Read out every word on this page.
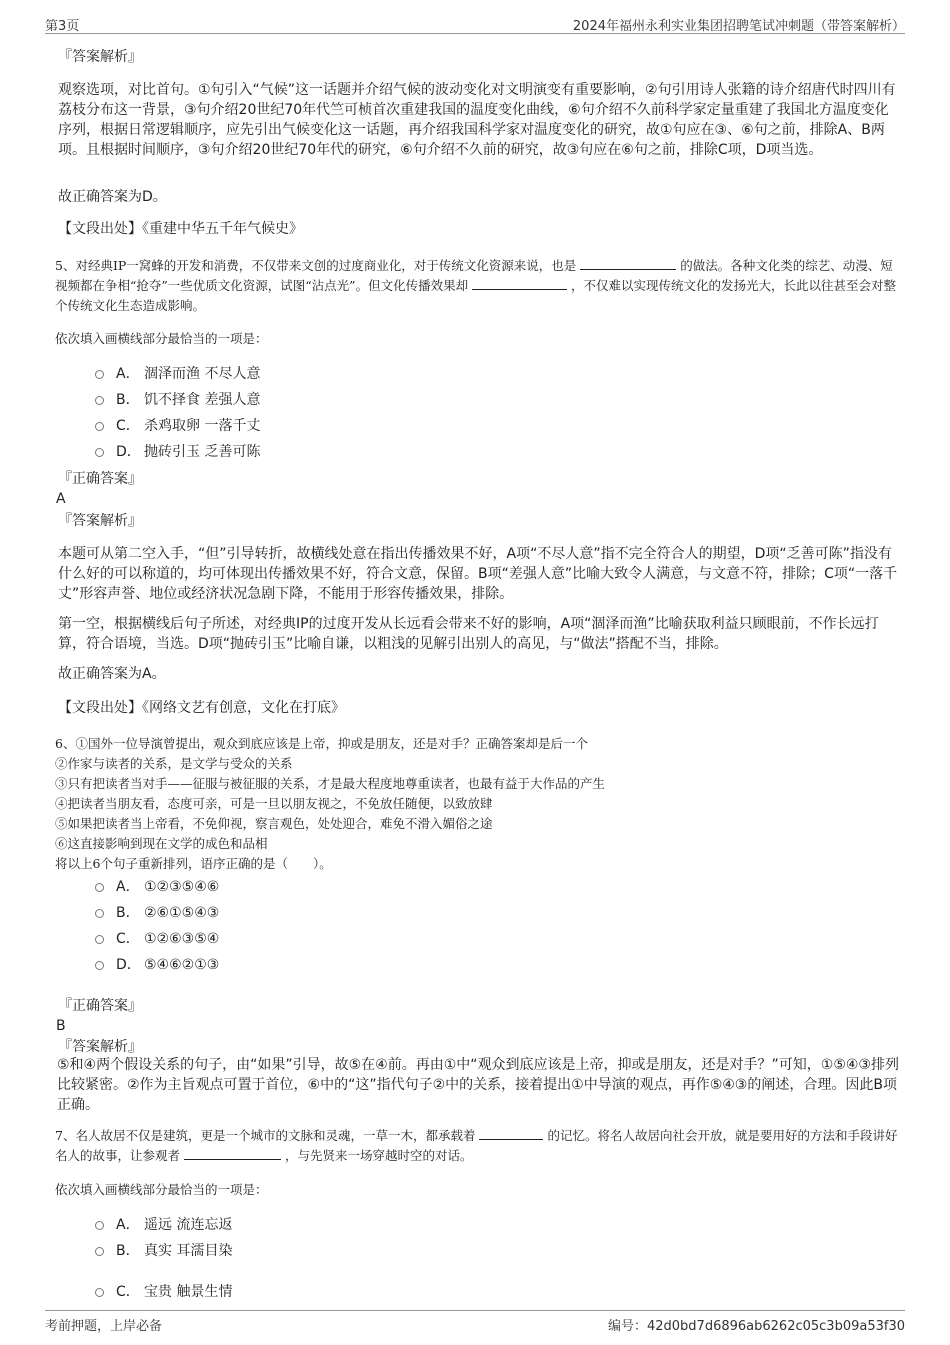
第3页	2024年福州永利实业集团招聘笔试冲刺题（带答案解析）
『答案解析』
观察选项，对比首句。①句引入“气候”这一话题并介绍气候的波动变化对文明演变有重要影响，②句引用诗人张籍的诗介绍唐代时四川有荔枝分布这一背景，③句介绍20世纪70年代竺可桢首次重建我国的温度变化曲线，⑥句介绍不久前科学家定量重建了我国北方温度变化序列，根据日常逻辑顺序，应先引出气候变化这一话题，再介绍我国科学家对温度变化的研究，故①句应在③、⑥句之前，排除A、B两项。且根据时间顺序，③句介绍20世纪70年代的研究，⑥句介绍不久前的研究，故③句应在⑥句之前，排除C项，D项当选。
故正确答案为D。
【文段出处】《重建中华五千年气候史》
5、对经典IP一窝蜂的开发和消费，不仅带来文创的过度商业化，对于传统文化资源来说，也是	的做法。各种文化类的综艺、动漫、短视频都在争相“抢夺”一些优质文化资源，试图“沾点光”。但文化传播效果却	，不仅难以实现传统文化的发扬光大，长此以往甚至会对整个传统文化生态造成影响。
依次填入画横线部分最恰当的一项是：
A． 涸泽而渔 不尽人意
B． 饥不择食 差强人意
C． 杀鸡取卵 一落千丈
D． 抛砖引玉 乏善可陈
『正确答案』
A
『答案解析』
本题可从第二空入手，“但”引导转折，故横线处意在指出传播效果不好，A项“不尽人意”指不完全符合人的期望，D项“乏善可陈”指没有什么好的可以称道的，均可体现出传播效果不好，符合文意，保留。B项“差强人意”比喻大致令人满意，与文意不符，排除；C项“一落千丈”形容声誉、地位或经济状况急剧下降，不能用于形容传播效果，排除。
第一空，根据横线后句子所述，对经典IP的过度开发从长远看会带来不好的影响，A项“涸泽而渔”比喻获取利益只顾眼前，不作长远打算，符合语境，当选。D项“抛砖引玉”比喻自谦，以粗浅的见解引出别人的高见，与“做法”搭配不当，排除。
故正确答案为A。
【文段出处】《网络文艺有创意，文化在打底》
6、①国外一位导演曾提出，观众到底应该是上帝，抑或是朋友，还是对手？正确答案却是后一个
②作家与读者的关系，是文学与受众的关系
③只有把读者当对手——征服与被征服的关系，才是最大程度地尊重读者，也最有益于大作品的产生
④把读者当朋友看，态度可亲，可是一旦以朋友视之，不免放任随便，以致放肆
⑤如果把读者当上帝看，不免仰视，察言观色，处处迎合，难免不滑入媚俗之途
⑥这直接影响到现在文学的成色和品相
将以上6个句子重新排列，语序正确的是（　　）。
A． ①②③⑤④⑥
B． ②⑥①⑤④③
C． ①②⑥③⑤④
D． ⑤④⑥②①③
『正确答案』
B
『答案解析』
⑤和④两个假设关系的句子，由“如果”引导，故⑤在④前。再由①中“观众到底应该是上帝，抑或是朋友，还是对手？”可知，①⑤④③排列比较紧密。②作为主旨观点可置于首位，⑥中的“这”指代句子②中的关系，接着提出①中导演的观点，再作⑤④③的阐述，合理。因此B项正确。
7、名人故居不仅是建筑，更是一个城市的文脉和灵魂，一草一木，都承载着	的记忆。将名人故居向社会开放，就是要用好的方法和手段讲好名人的故事，让参观者	，与先贤来一场穿越时空的对话。
依次填入画横线部分最恰当的一项是：
A． 遥远 流连忘返
B． 真实 耳濡目染
C． 宝贵 触景生情
考前押题，上岸必备	编号：42d0bd7d6896ab6262c05c3b09a53f30
